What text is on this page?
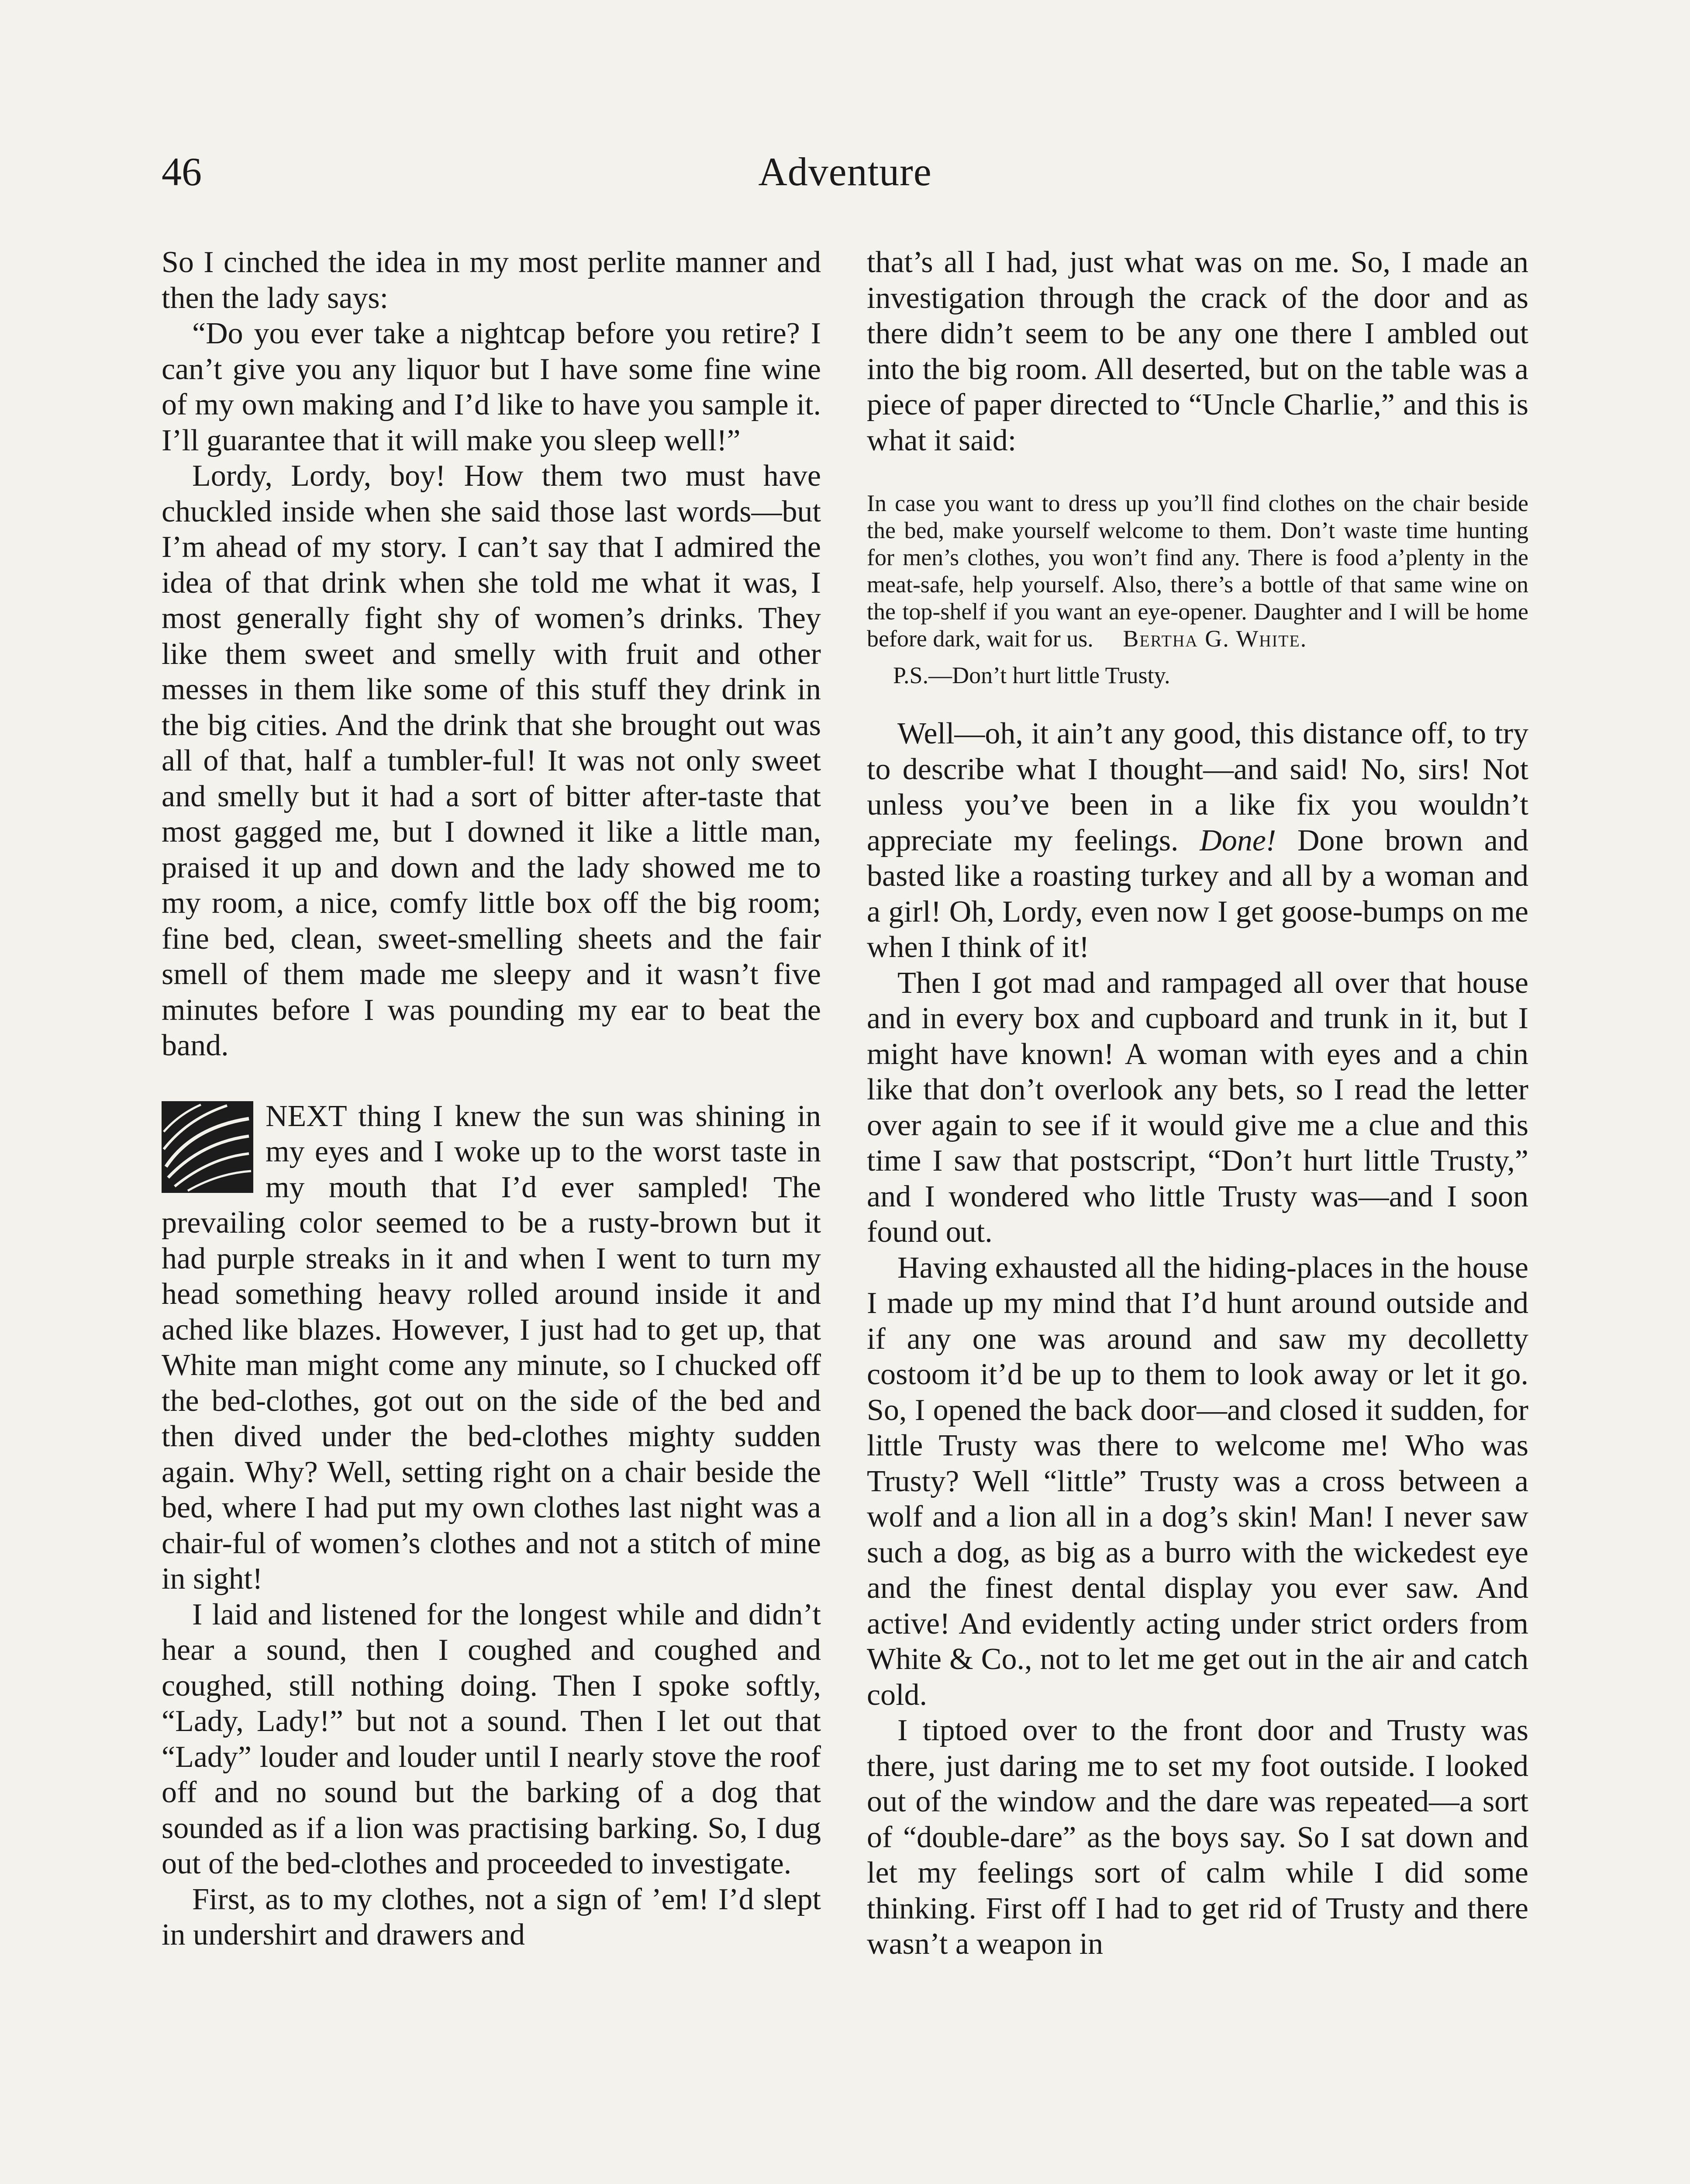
46	Adventure

So I cinched the idea in my most perlite manner and then the lady says:

“Do you ever take a nightcap before you retire? I can’t give you any liquor but I have some fine wine of my own making and I’d like to have you sample it. I’ll guarantee that it will make you sleep well!”

Lordy, Lordy, boy! How them two must have chuckled inside when she said those last words—but I’m ahead of my story. I can’t say that I admired the idea of that drink when she told me what it was, I most generally fight shy of women’s drinks. They like them sweet and smelly with fruit and other messes in them like some of this stuff they drink in the big cities. And the drink that she brought out was all of that, half a tumbler-ful! It was not only sweet and smelly but it had a sort of bitter after-taste that most gagged me, but I downed it like a little man, praised it up and down and the lady showed me to my room, a nice, comfy little box off the big room; fine bed, clean, sweet-smelling sheets and the fair smell of them made me sleepy and it wasn’t five minutes before I was pounding my ear to beat the band.

NEXT thing I knew the sun was shining in my eyes and I woke up to the worst taste in my mouth that I’d ever sampled! The prevailing color seemed to be a rusty-brown but it had purple streaks in it and when I went to turn my head something heavy rolled around inside it and ached like blazes. However, I just had to get up, that White man might come any minute, so I chucked off the bed-clothes, got out on the side of the bed and then dived under the bed-clothes mighty sudden again. Why? Well, setting right on a chair beside the bed, where I had put my own clothes last night was a chair-ful of women’s clothes and not a stitch of mine in sight!

I laid and listened for the longest while and didn’t hear a sound, then I coughed and coughed and coughed, still nothing doing. Then I spoke softly, “Lady, Lady!” but not a sound. Then I let out that “Lady” louder and louder until I nearly stove the roof off and no sound but the barking of a dog that sounded as if a lion was practising barking. So, I dug out of the bed-clothes and proceeded to investigate.

First, as to my clothes, not a sign of ’em! I’d slept in undershirt and drawers and

that’s all I had, just what was on me. So, I made an investigation through the crack of the door and as there didn’t seem to be any one there I ambled out into the big room. All deserted, but on the table was a piece of paper directed to “Uncle Charlie,” and this is what it said:

In case you want to dress up you’ll find clothes on the chair beside the bed, make yourself welcome to them. Don’t waste time hunting for men’s clothes, you won’t find any. There is food a’plenty in the meat-safe, help yourself. Also, there’s a bottle of that same wine on the top-shelf if you want an eye-opener. Daughter and I will be home before dark, wait for us. Bertha G. White.

P.S.—Don’t hurt little Trusty.

Well—oh, it ain’t any good, this distance off, to try to describe what I thought—and said! No, sirs! Not unless you’ve been in a like fix you wouldn’t appreciate my feelings. Done! Done brown and basted like a roasting turkey and all by a woman and a girl! Oh, Lordy, even now I get goose-bumps on me when I think of it!

Then I got mad and rampaged all over that house and in every box and cupboard and trunk in it, but I might have known! A woman with eyes and a chin like that don’t overlook any bets, so I read the letter over again to see if it would give me a clue and this time I saw that postscript, “Don’t hurt little Trusty,” and I wondered who little Trusty was—and I soon found out.

Having exhausted all the hiding-places in the house I made up my mind that I’d hunt around outside and if any one was around and saw my decolletty costoom it’d be up to them to look away or let it go. So, I opened the back door—and closed it sudden, for little Trusty was there to welcome me! Who was Trusty? Well “little” Trusty was a cross between a wolf and a lion all in a dog’s skin! Man! I never saw such a dog, as big as a burro with the wickedest eye and the finest dental display you ever saw. And active! And evidently acting under strict orders from White & Co., not to let me get out in the air and catch cold.

I tiptoed over to the front door and Trusty was there, just daring me to set my foot outside. I looked out of the window and the dare was repeated—a sort of “double-dare” as the boys say. So I sat down and let my feelings sort of calm while I did some thinking. First off I had to get rid of Trusty and there wasn’t a weapon in
